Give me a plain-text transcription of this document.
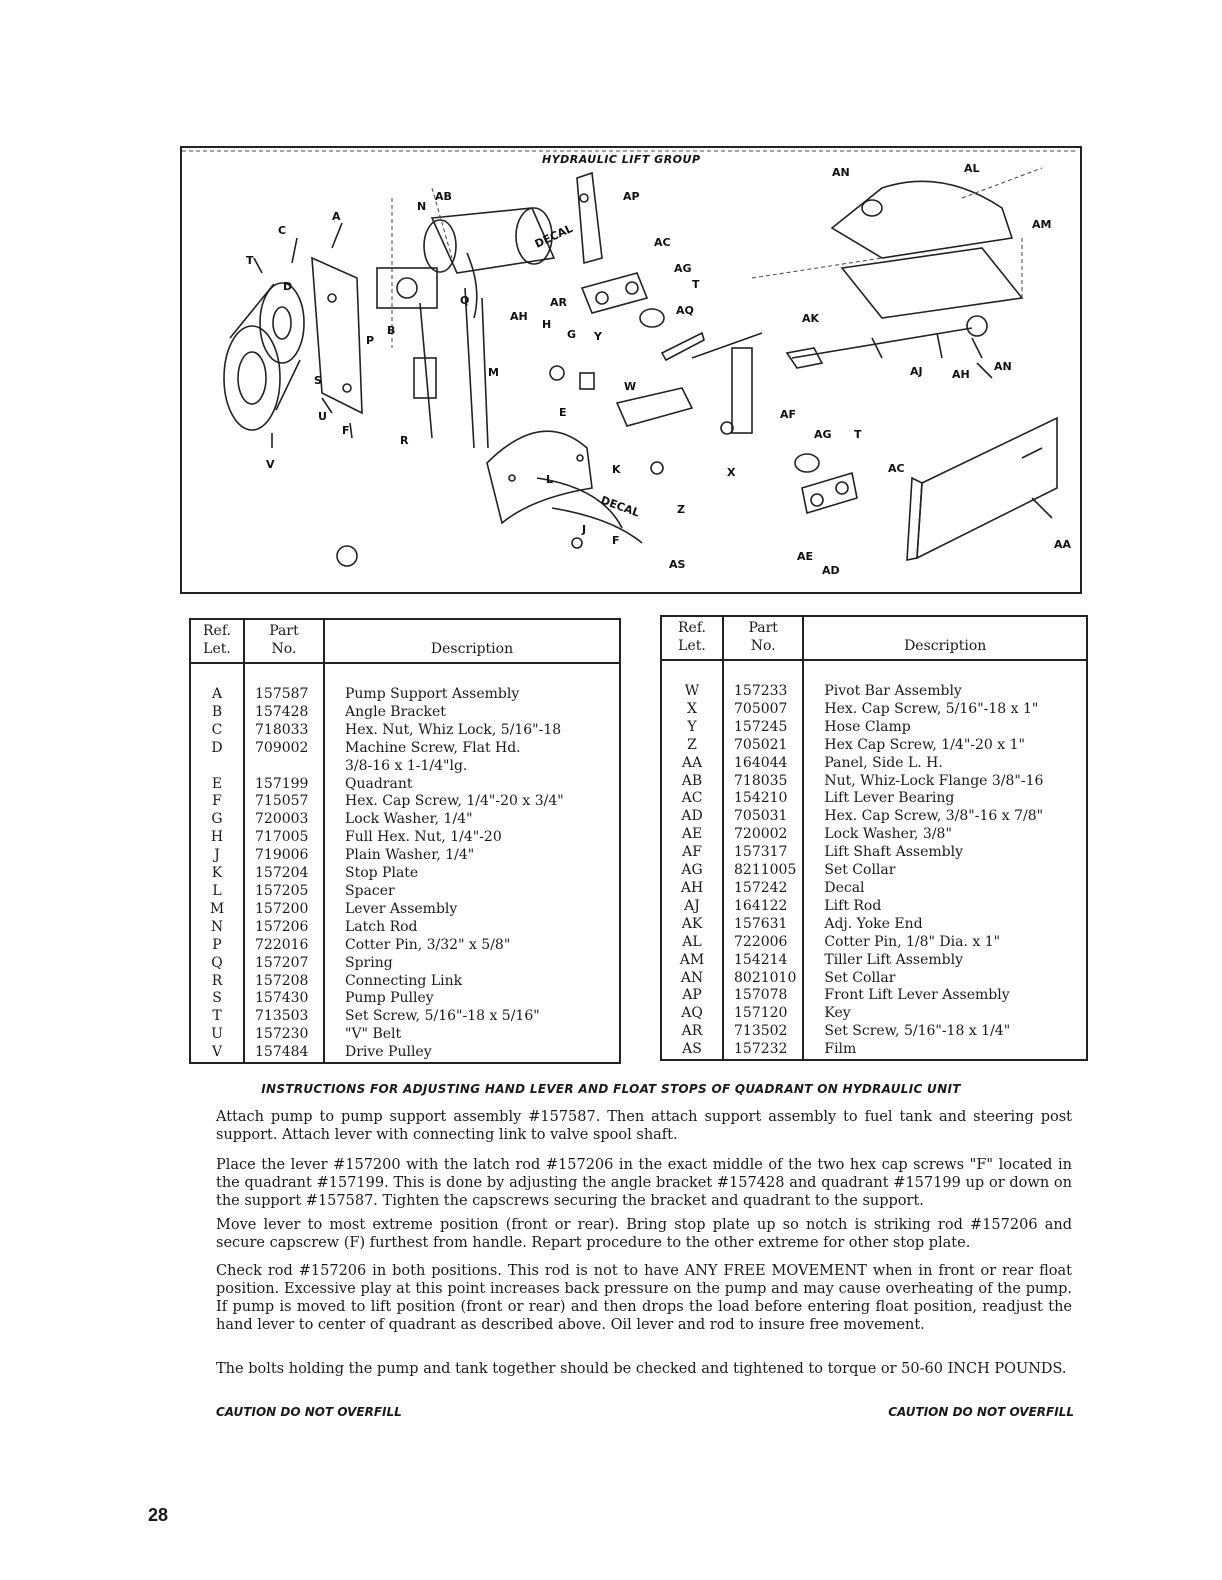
HYDRAULIC LIFT GROUP
DECAL
DECAL
AB
N
A
C
T
D
B
Q
P
S
U
V
R
F
H
G Y
M
E
L
K
Z
J
F
AS
AP
AC
AG
T
AR
AH	AQ
W
AN	AL
AM
AK
AJ	AH
AN
AF
AG T
X	AC
AA
AE
AD
Ref.
Let.	Part
No.	Description
A	157587	Pump Support Assembly
B	157428	Angle Bracket
C	718033	Hex. Nut, Whiz Lock, 5/16"-18
D	709002	Machine Screw, Flat Hd.
		3/8-16 x 1-1/4"lg.
E	157199	Quadrant
F	715057	Hex. Cap Screw, 1/4"-20 x 3/4"
G	720003	Lock Washer, 1/4"
H	717005	Full Hex. Nut, 1/4"-20
J	719006	Plain Washer, 1/4"
K	157204	Stop Plate
L	157205	Spacer
M	157200	Lever Assembly
N	157206	Latch Rod
P	722016	Cotter Pin, 3/32" x 5/8"
Q	157207	Spring
R	157208	Connecting Link
S	157430	Pump Pulley
T	713503	Set Screw, 5/16"-18 x 5/16"
U	157230	"V" Belt
V	157484	Drive Pulley
Ref.
Let.	Part
No.	Description
W	157233	Pivot Bar Assembly
X	705007	Hex. Cap Screw, 5/16"-18 x 1"
Y	157245	Hose Clamp
Z	705021	Hex Cap Screw, 1/4"-20 x 1"
AA	164044	Panel, Side L. H.
AB	718035	Nut, Whiz-Lock Flange 3/8"-16
AC	154210	Lift Lever Bearing
AD	705031	Hex. Cap Screw, 3/8"-16 x 7/8"
AE	720002	Lock Washer, 3/8"
AF	157317	Lift Shaft Assembly
AG	8211005	Set Collar
AH	157242	Decal
AJ	164122	Lift Rod
AK	157631	Adj. Yoke End
AL	722006	Cotter Pin, 1/8" Dia. x 1"
AM	154214	Tiller Lift Assembly
AN	8021010	Set Collar
AP	157078	Front Lift Lever Assembly
AQ	157120	Key
AR	713502	Set Screw, 5/16"-18 x 1/4"
AS	157232	Film
INSTRUCTIONS FOR ADJUSTING HAND LEVER AND FLOAT STOPS OF QUADRANT ON HYDRAULIC UNIT

Attach pump to pump support assembly #157587. Then attach support assembly to fuel tank and steering post support. Attach lever with connecting link to valve spool shaft.

Place the lever #157200 with the latch rod #157206 in the exact middle of the two hex cap screws "F" located in the quadrant #157199. This is done by adjusting the angle bracket #157428 and quadrant #157199 up or down on the support #157587. Tighten the capscrews securing the bracket and quadrant to the support.

Move lever to most extreme position (front or rear). Bring stop plate up so notch is striking rod #157206 and secure capscrew (F) furthest from handle. Repart procedure to the other extreme for other stop plate.

Check rod #157206 in both positions. This rod is not to have ANY FREE MOVEMENT when in front or rear float position. Excessive play at this point increases back pressure on the pump and may cause overheating of the pump. If pump is moved to lift position (front or rear) and then drops the load before entering float position, readjust the hand lever to center of quadrant as described above. Oil lever and rod to insure free movement.

The bolts holding the pump and tank together should be checked and tightened to torque or 50-60 INCH POUNDS.

CAUTION DO NOT OVERFILL	CAUTION DO NOT OVERFILL
28
